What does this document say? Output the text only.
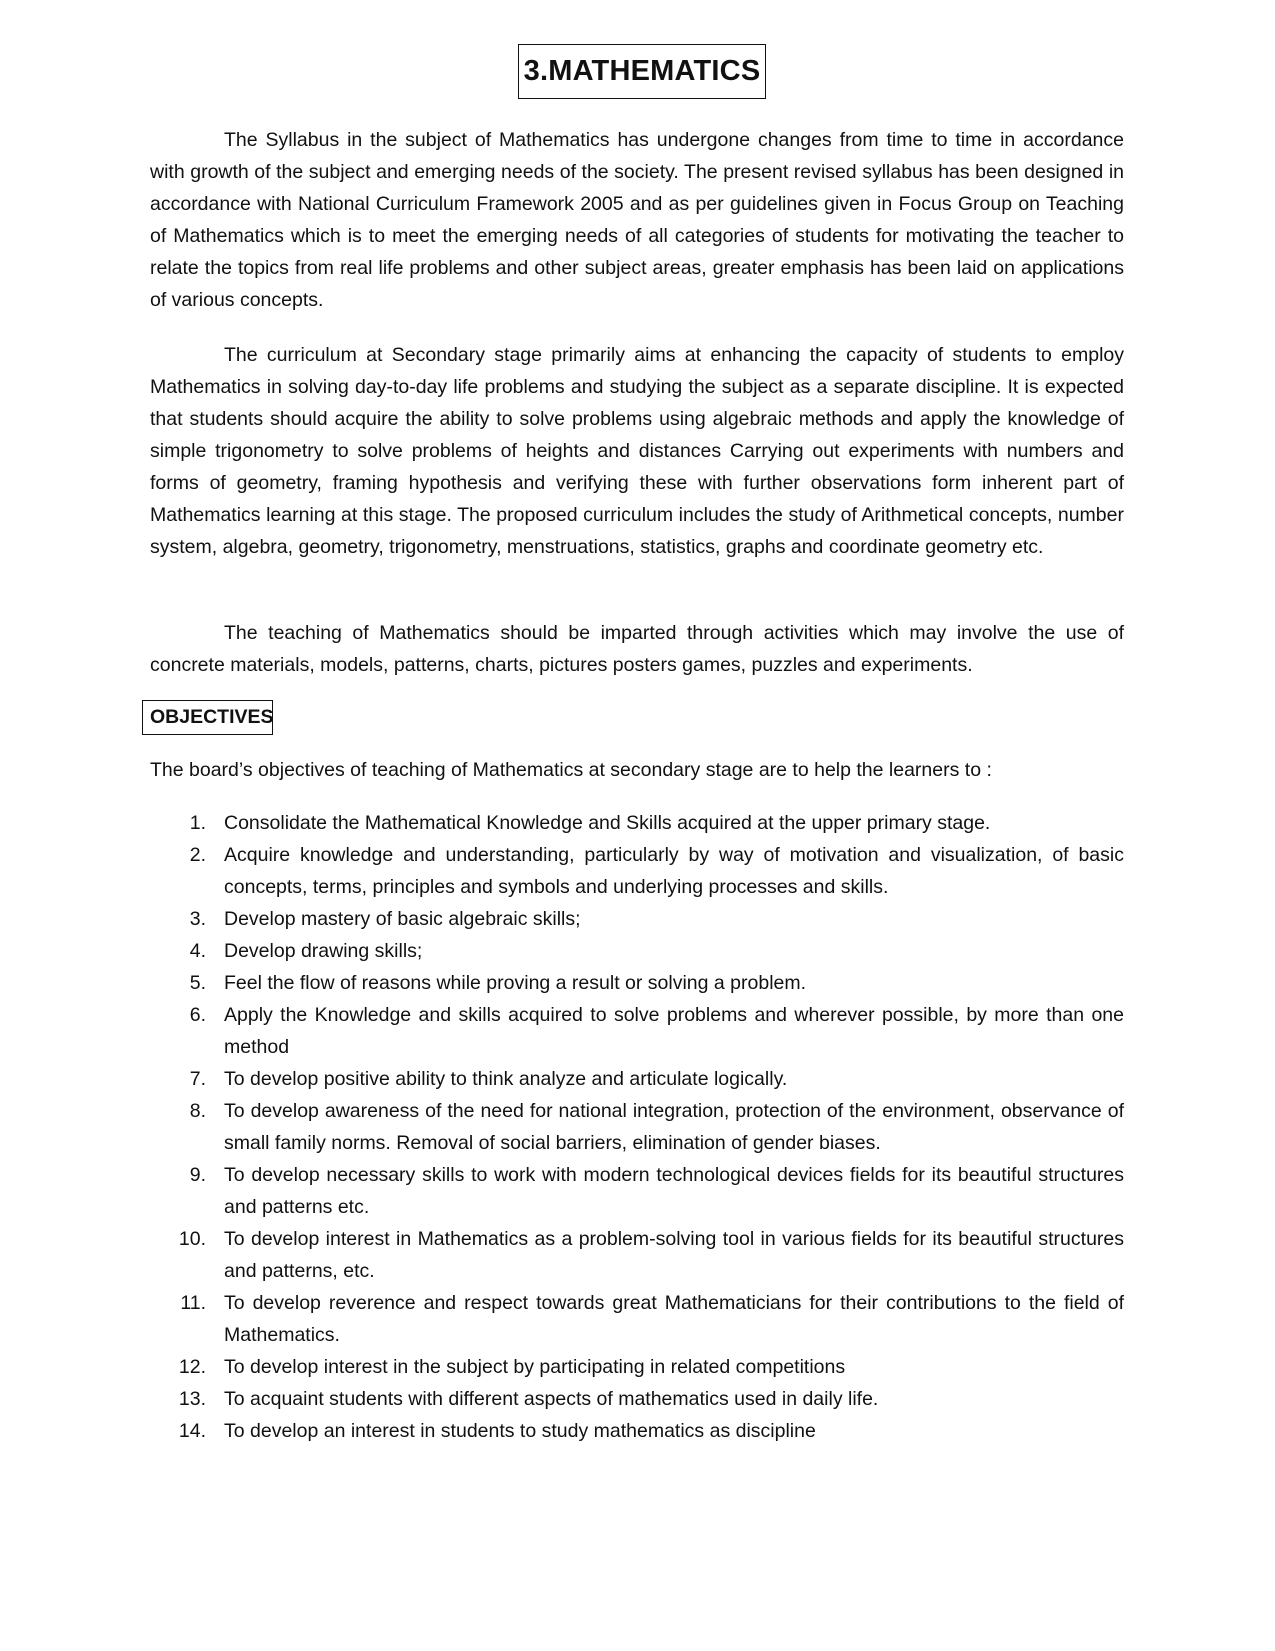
3.MATHEMATICS

The Syllabus in the subject of Mathematics has undergone changes from time to time in accordance with growth of the subject and emerging needs of the society. The present revised syllabus has been designed in accordance with National Curriculum Framework 2005 and as per guidelines given in Focus Group on Teaching of Mathematics which is to meet the emerging needs of all categories of students for motivating the teacher to relate the topics from real life problems and other subject areas, greater emphasis has been laid on applications of various concepts.

The curriculum at Secondary stage primarily aims at enhancing the capacity of students to employ Mathematics in solving day-to-day life problems and studying the subject as a separate discipline. It is expected that students should acquire the ability to solve problems using algebraic methods and apply the knowledge of simple trigonometry to solve problems of heights and distances Carrying out experiments with numbers and forms of geometry, framing hypothesis and verifying these with further observations form inherent part of Mathematics learning at this stage. The proposed curriculum includes the study of Arithmetical concepts, number system, algebra, geometry, trigonometry, menstruations, statistics, graphs and coordinate geometry etc.

The teaching of Mathematics should be imparted through activities which may involve the use of concrete materials, models, patterns, charts, pictures posters games, puzzles and experiments.

OBJECTIVES

The board’s objectives of teaching of Mathematics at secondary stage are to help the learners to :

1. Consolidate the Mathematical Knowledge and Skills acquired at the upper primary stage.
2. Acquire knowledge and understanding, particularly by way of motivation and visualization, of basic concepts, terms, principles and symbols and underlying processes and skills.
3. Develop mastery of basic algebraic skills;
4. Develop drawing skills;
5. Feel the flow of reasons while proving a result or solving a problem.
6. Apply the Knowledge and skills acquired to solve problems and wherever possible, by more than one method
7. To develop positive ability to think analyze and articulate logically.
8. To develop awareness of the need for national integration, protection of the environment, observance of small family norms. Removal of social barriers, elimination of gender biases.
9. To develop necessary skills to work with modern technological devices fields for its beautiful structures and patterns etc.
10. To develop interest in Mathematics as a problem-solving tool in various fields for its beautiful structures and patterns, etc.
11. To develop reverence and respect towards great Mathematicians for their contributions to the field of Mathematics.
12. To develop interest in the subject by participating in related competitions
13. To acquaint students with different aspects of mathematics used in daily life.
14. To develop an interest in students to study mathematics as discipline
